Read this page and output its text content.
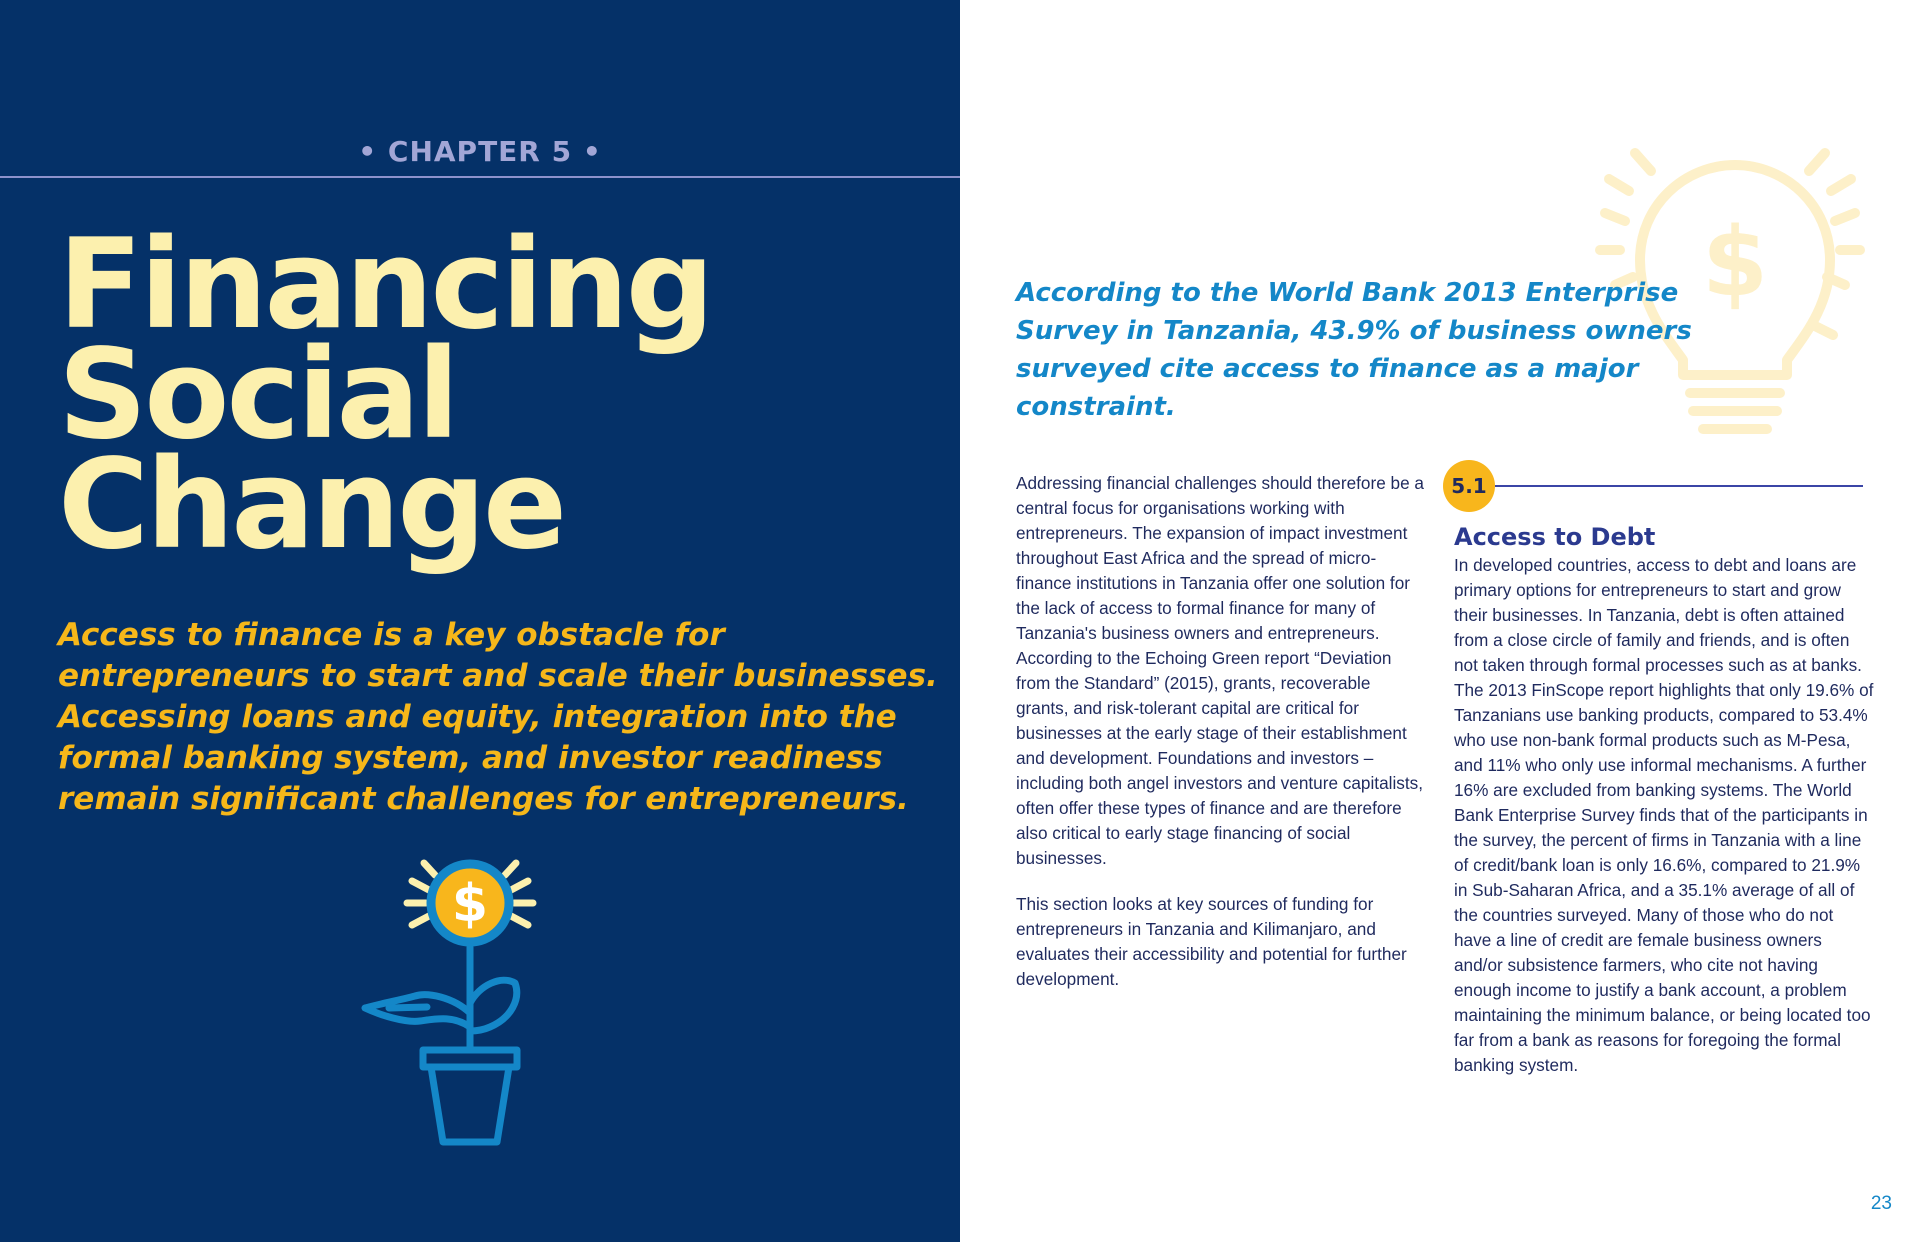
• CHAPTER 5 •
Financing
Social
Change

Access to finance is a key obstacle for entrepreneurs to start and scale their businesses. Accessing loans and equity, integration into the formal banking system, and investor readiness remain significant challenges for entrepreneurs.

$
$

According to the World Bank 2013 Enterprise Survey in Tanzania, 43.9% of business owners surveyed cite access to finance as a major constraint.

Addressing financial challenges should therefore be a central focus for organisations working with entrepreneurs. The expansion of impact investment throughout East Africa and the spread of micro-finance institutions in Tanzania offer one solution for the lack of access to formal finance for many of Tanzania's business owners and entrepreneurs. According to the Echoing Green report “Deviation from the Standard” (2015), grants, recoverable grants, and risk-tolerant capital are critical for businesses at the early stage of their establishment and development. Foundations and investors – including both angel investors and venture capitalists, often offer these types of finance and are therefore also critical to early stage financing of social businesses.

This section looks at key sources of funding for entrepreneurs in Tanzania and Kilimanjaro, and evaluates their accessibility and potential for further development.

5.1
Access to Debt

In developed countries, access to debt and loans are primary options for entrepreneurs to start and grow their businesses. In Tanzania, debt is often attained from a close circle of family and friends, and is often not taken through formal processes such as at banks. The 2013 FinScope report highlights that only 19.6% of Tanzanians use banking products, compared to 53.4% who use non-bank formal products such as M-Pesa, and 11% who only use informal mechanisms. A further 16% are excluded from banking systems. The World Bank Enterprise Survey finds that of the participants in the survey, the percent of firms in Tanzania with a line of credit/bank loan is only 16.6%, compared to 21.9% in Sub-Saharan Africa, and a 35.1% average of all of the countries surveyed. Many of those who do not have a line of credit are female business owners and/or subsistence farmers, who cite not having enough income to justify a bank account, a problem maintaining the minimum balance, or being located too far from a bank as reasons for foregoing the formal banking system.

23
